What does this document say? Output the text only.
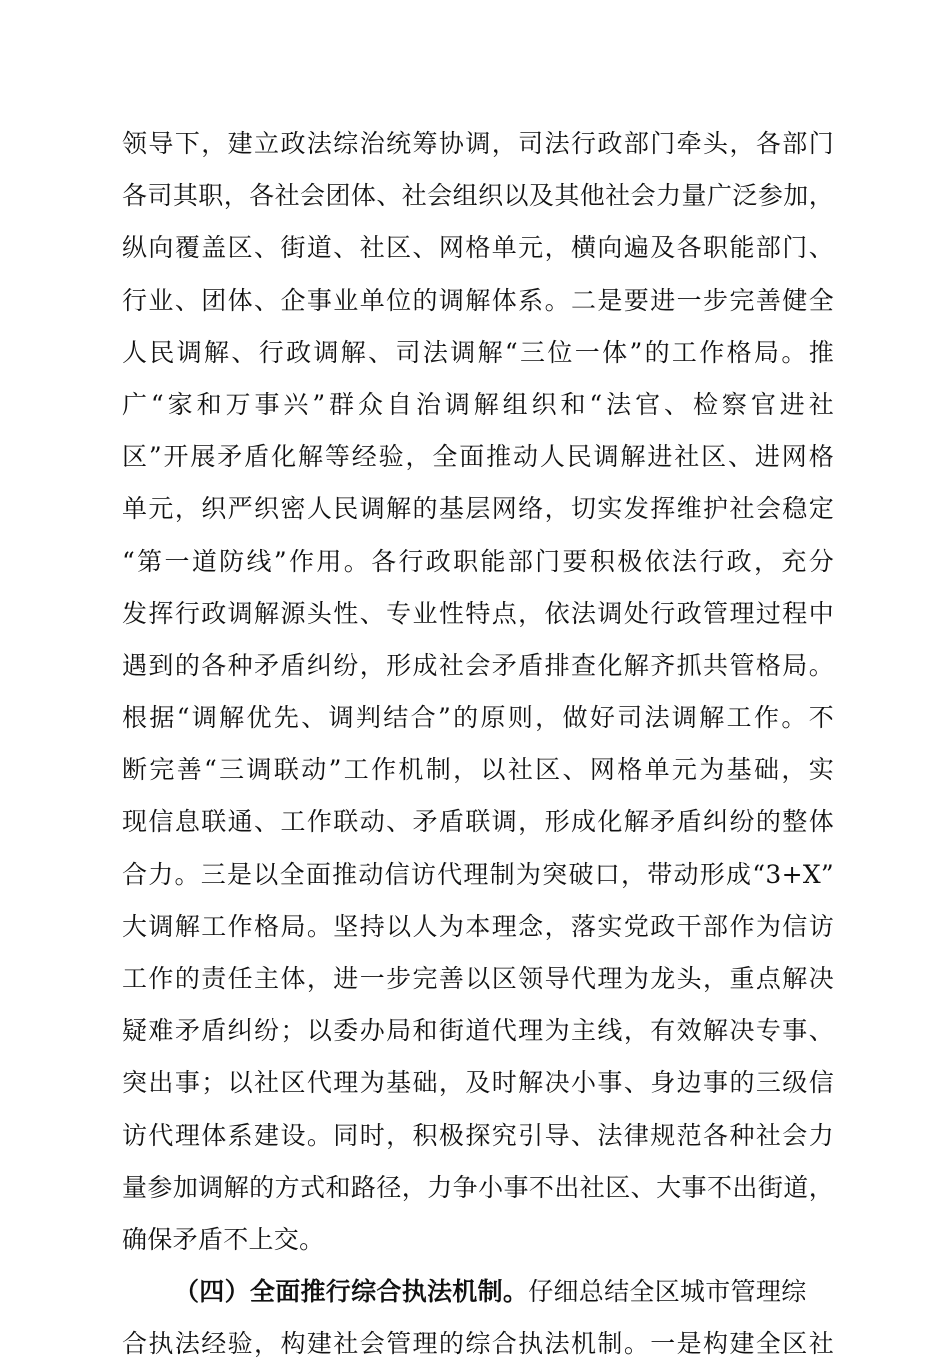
领导下，建立政法综治统筹协调，司法行政部门牵头，各部门
各司其职，各社会团体、社会组织以及其他社会力量广泛参加，
纵向覆盖区、街道、社区、网格单元，横向遍及各职能部门、
行业、团体、企事业单位的调解体系。二是要进一步完善健全
人民调解、行政调解、司法调解“三位一体”的工作格局。推
广“家和万事兴”群众自治调解组织和“法官、检察官进社
区”开展矛盾化解等经验，全面推动人民调解进社区、进网格
单元，织严织密人民调解的基层网络，切实发挥维护社会稳定
“第一道防线”作用。各行政职能部门要积极依法行政，充分
发挥行政调解源头性、专业性特点，依法调处行政管理过程中
遇到的各种矛盾纠纷，形成社会矛盾排查化解齐抓共管格局。
根据“调解优先、调判结合”的原则，做好司法调解工作。不
断完善“三调联动”工作机制，以社区、网格单元为基础，实
现信息联通、工作联动、矛盾联调，形成化解矛盾纠纷的整体
合力。三是以全面推动信访代理制为突破口，带动形成“3+X”
大调解工作格局。坚持以人为本理念，落实党政干部作为信访
工作的责任主体，进一步完善以区领导代理为龙头，重点解决
疑难矛盾纠纷；以委办局和街道代理为主线，有效解决专事、
突出事；以社区代理为基础，及时解决小事、身边事的三级信
访代理体系建设。同时，积极探究引导、法律规范各种社会力
量参加调解的方式和路径，力争小事不出社区、大事不出街道，
确保矛盾不上交。
（四）全面推行综合执法机制。仔细总结全区城市管理综
合执法经验，构建社会管理的综合执法机制。一是构建全区社
